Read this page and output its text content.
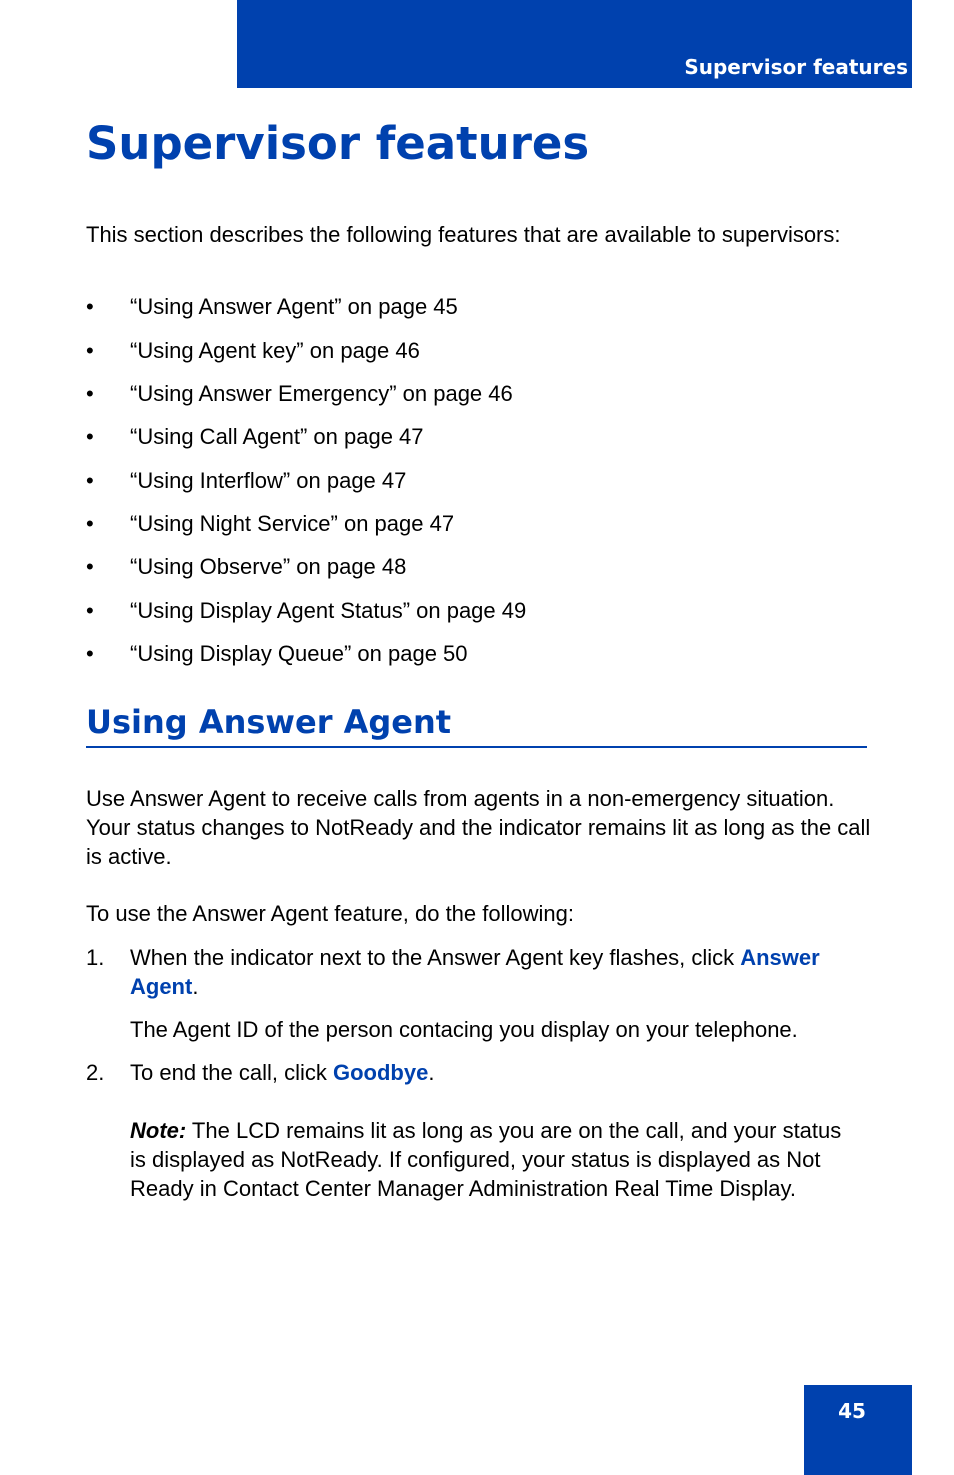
Supervisor features
Supervisor features

This section describes the following features that are available to supervisors:

• “Using Answer Agent” on page 45
• “Using Agent key” on page 46
• “Using Answer Emergency” on page 46
• “Using Call Agent” on page 47
• “Using Interflow” on page 47
• “Using Night Service” on page 47
• “Using Observe” on page 48
• “Using Display Agent Status” on page 49
• “Using Display Queue” on page 50
Using Answer Agent

Use Answer Agent to receive calls from agents in a non-emergency situation. Your status changes to NotReady and the indicator remains lit as long as the call is active.

To use the Answer Agent feature, do the following:

1. When the indicator next to the Answer Agent key flashes, click Answer Agent.

The Agent ID of the person contacing you display on your telephone.

2. To end the call, click Goodbye.

Note: The LCD remains lit as long as you are on the call, and your status is displayed as NotReady. If configured, your status is displayed as Not Ready in Contact Center Manager Administration Real Time Display.

45
